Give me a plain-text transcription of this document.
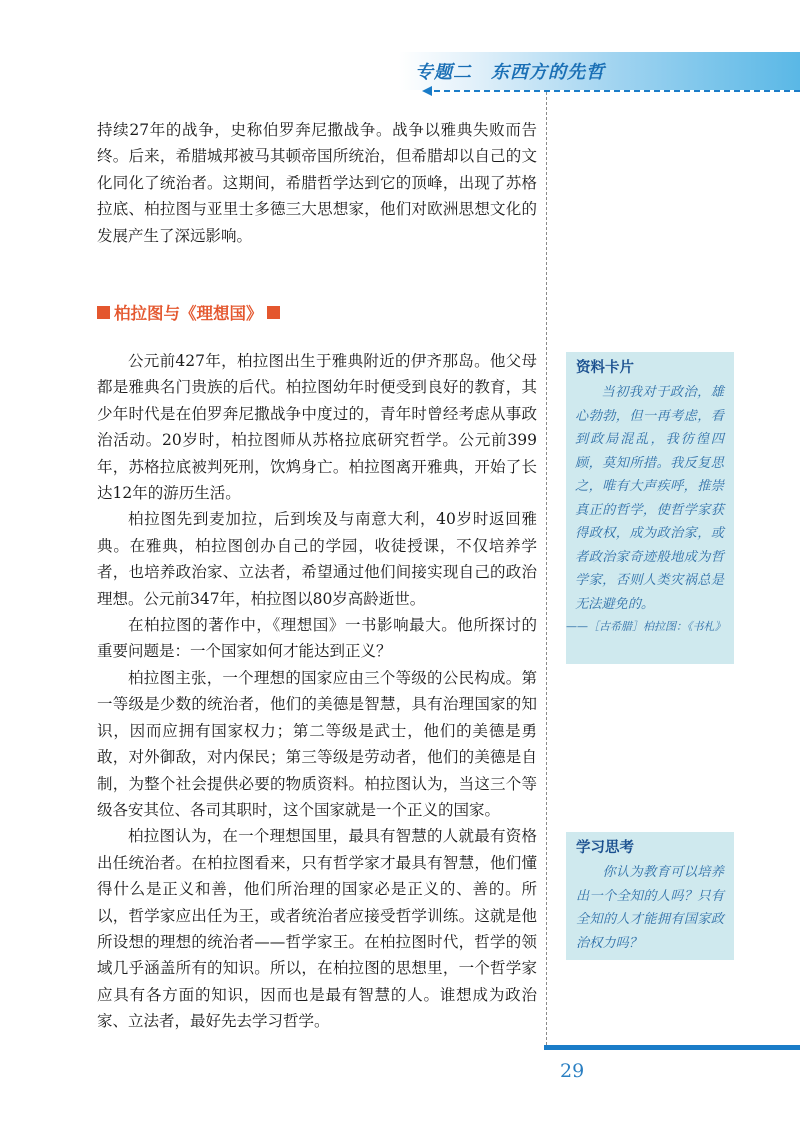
专题二　东西方的先哲

持续27年的战争，史称伯罗奔尼撒战争。战争以雅典失败而告终。后来，希腊城邦被马其顿帝国所统治，但希腊却以自己的文化同化了统治者。这期间，希腊哲学达到它的顶峰，出现了苏格拉底、柏拉图与亚里士多德三大思想家，他们对欧洲思想文化的发展产生了深远影响。

柏拉图与《理想国》

公元前427年，柏拉图出生于雅典附近的伊齐那岛。他父母都是雅典名门贵族的后代。柏拉图幼年时便受到良好的教育，其少年时代是在伯罗奔尼撒战争中度过的，青年时曾经考虑从事政治活动。20岁时，柏拉图师从苏格拉底研究哲学。公元前399年，苏格拉底被判死刑，饮鸩身亡。柏拉图离开雅典，开始了长达12年的游历生活。

柏拉图先到麦加拉，后到埃及与南意大利，40岁时返回雅典。在雅典，柏拉图创办自己的学园，收徒授课，不仅培养学者，也培养政治家、立法者，希望通过他们间接实现自己的政治理想。公元前347年，柏拉图以80岁高龄逝世。

在柏拉图的著作中，《理想国》一书影响最大。他所探讨的重要问题是：一个国家如何才能达到正义？

柏拉图主张，一个理想的国家应由三个等级的公民构成。第一等级是少数的统治者，他们的美德是智慧，具有治理国家的知识，因而应拥有国家权力；第二等级是武士，他们的美德是勇敢，对外御敌，对内保民；第三等级是劳动者，他们的美德是自制，为整个社会提供必要的物质资料。柏拉图认为，当这三个等级各安其位、各司其职时，这个国家就是一个正义的国家。

柏拉图认为，在一个理想国里，最具有智慧的人就最有资格出任统治者。在柏拉图看来，只有哲学家才最具有智慧，他们懂得什么是正义和善，他们所治理的国家必是正义的、善的。所以，哲学家应出任为王，或者统治者应接受哲学训练。这就是他所设想的理想的统治者——哲学家王。在柏拉图时代，哲学的领域几乎涵盖所有的知识。所以，在柏拉图的思想里，一个哲学家应具有各方面的知识，因而也是最有智慧的人。谁想成为政治家、立法者，最好先去学习哲学。

资料卡片

当初我对于政治，雄心勃勃，但一再考虑，看到政局混乱，我彷徨四顾，莫知所措。我反复思之，唯有大声疾呼，推崇真正的哲学，使哲学家获得政权，成为政治家，或者政治家奇迹般地成为哲学家，否则人类灾祸总是无法避免的。

——［古希腊］柏拉图：《书札》

学习思考

你认为教育可以培养出一个全知的人吗？只有全知的人才能拥有国家政治权力吗？

29
